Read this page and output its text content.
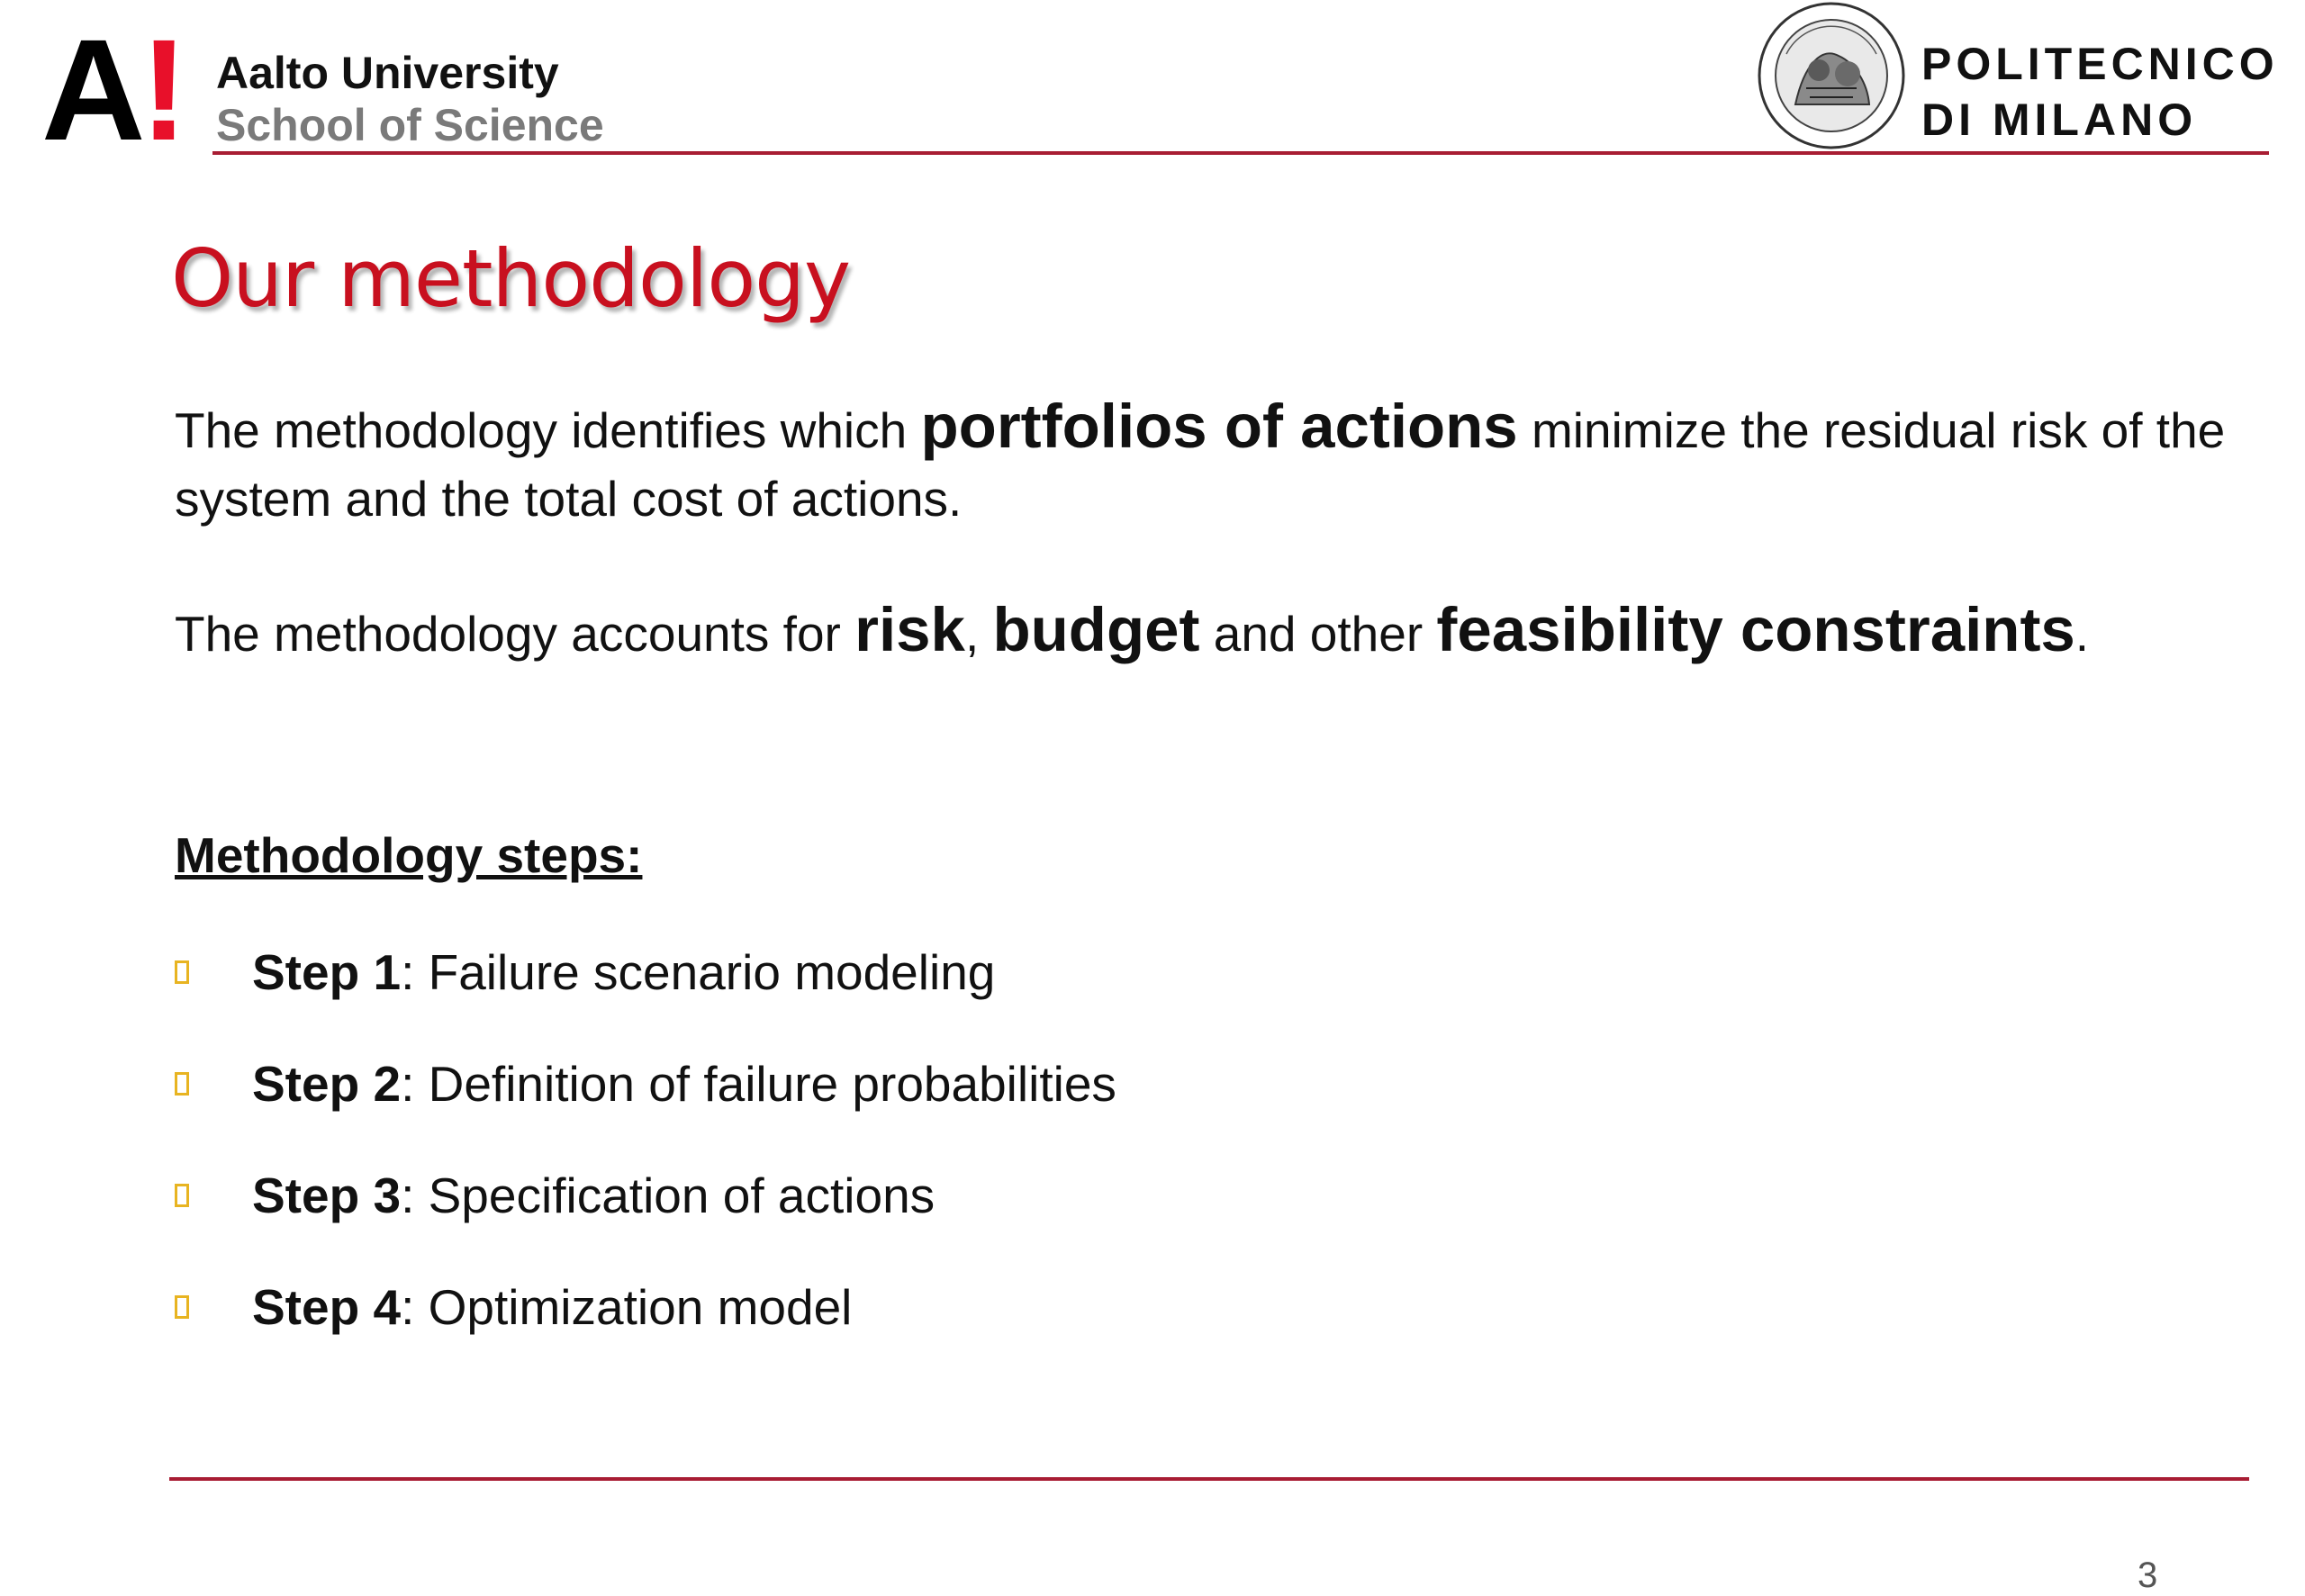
A! Aalto University
School of Science
POLITECNICO
DI MILANO
Our methodology
The methodology identifies which portfolios of actions minimize the residual risk of the system and the total cost of actions.
The methodology accounts for risk, budget and other feasibility constraints.
Methodology steps:
Step 1 : Failure scenario modeling
Step 2 : Definition of failure probabilities
Step 3 : Specification of actions
Step 4 : Optimization model
3
